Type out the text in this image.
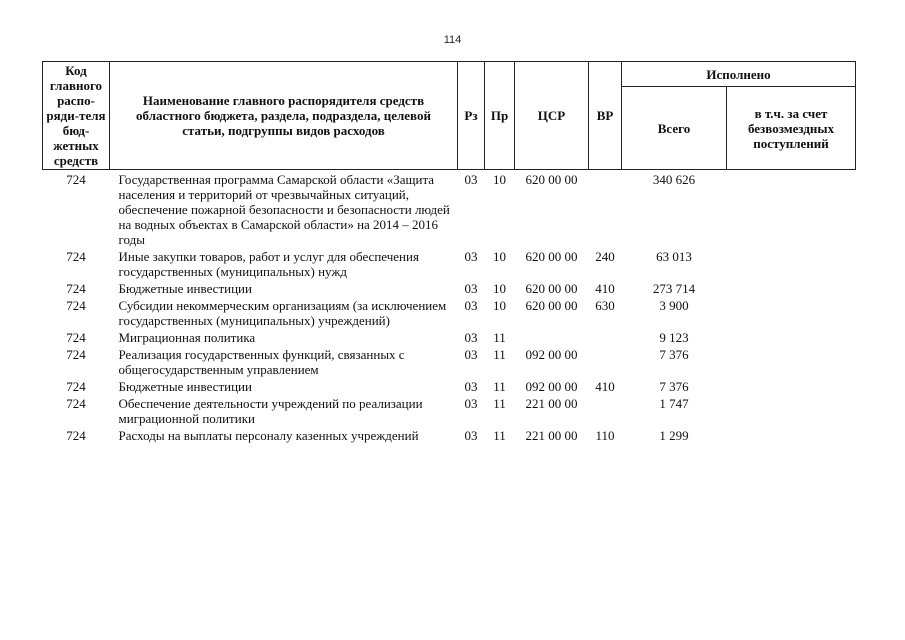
114
Код главного распо-ряди-теля бюд-жетных средств	Наименование главного распорядителя средств областного бюджета, раздела, подраздела, целевой статьи, подгруппы видов расходов	Рз	Пр	ЦСР	ВР	Исполнено	
						Всего	в т.ч. за счет безвозмездных поступлений
724	Государственная программа Самарской области «Защита населения и территорий от чрезвычайных ситуаций, обеспечение пожарной безопасности и безопасности людей на водных объектах в Самарской области» на 2014 – 2016 годы	03	10	620 00 00		340 626	
724	Иные закупки товаров, работ и услуг для обеспечения государственных (муниципальных) нужд	03	10	620 00 00	240	63 013	
724	Бюджетные инвестиции	03	10	620 00 00	410	273 714	
724	Субсидии некоммерческим организациям (за исключением государственных (муниципальных) учреждений)	03	10	620 00 00	630	3 900	
724	Миграционная политика	03	11			9 123	
724	Реализация государственных функций, связанных с общегосударственным управлением	03	11	092 00 00		7 376	
724	Бюджетные инвестиции	03	11	092 00 00	410	7 376	
724	Обеспечение деятельности учреждений по реализации миграционной политики	03	11	221 00 00		1 747	
724	Расходы на выплаты персоналу казенных учреждений	03	11	221 00 00	110	1 299	
